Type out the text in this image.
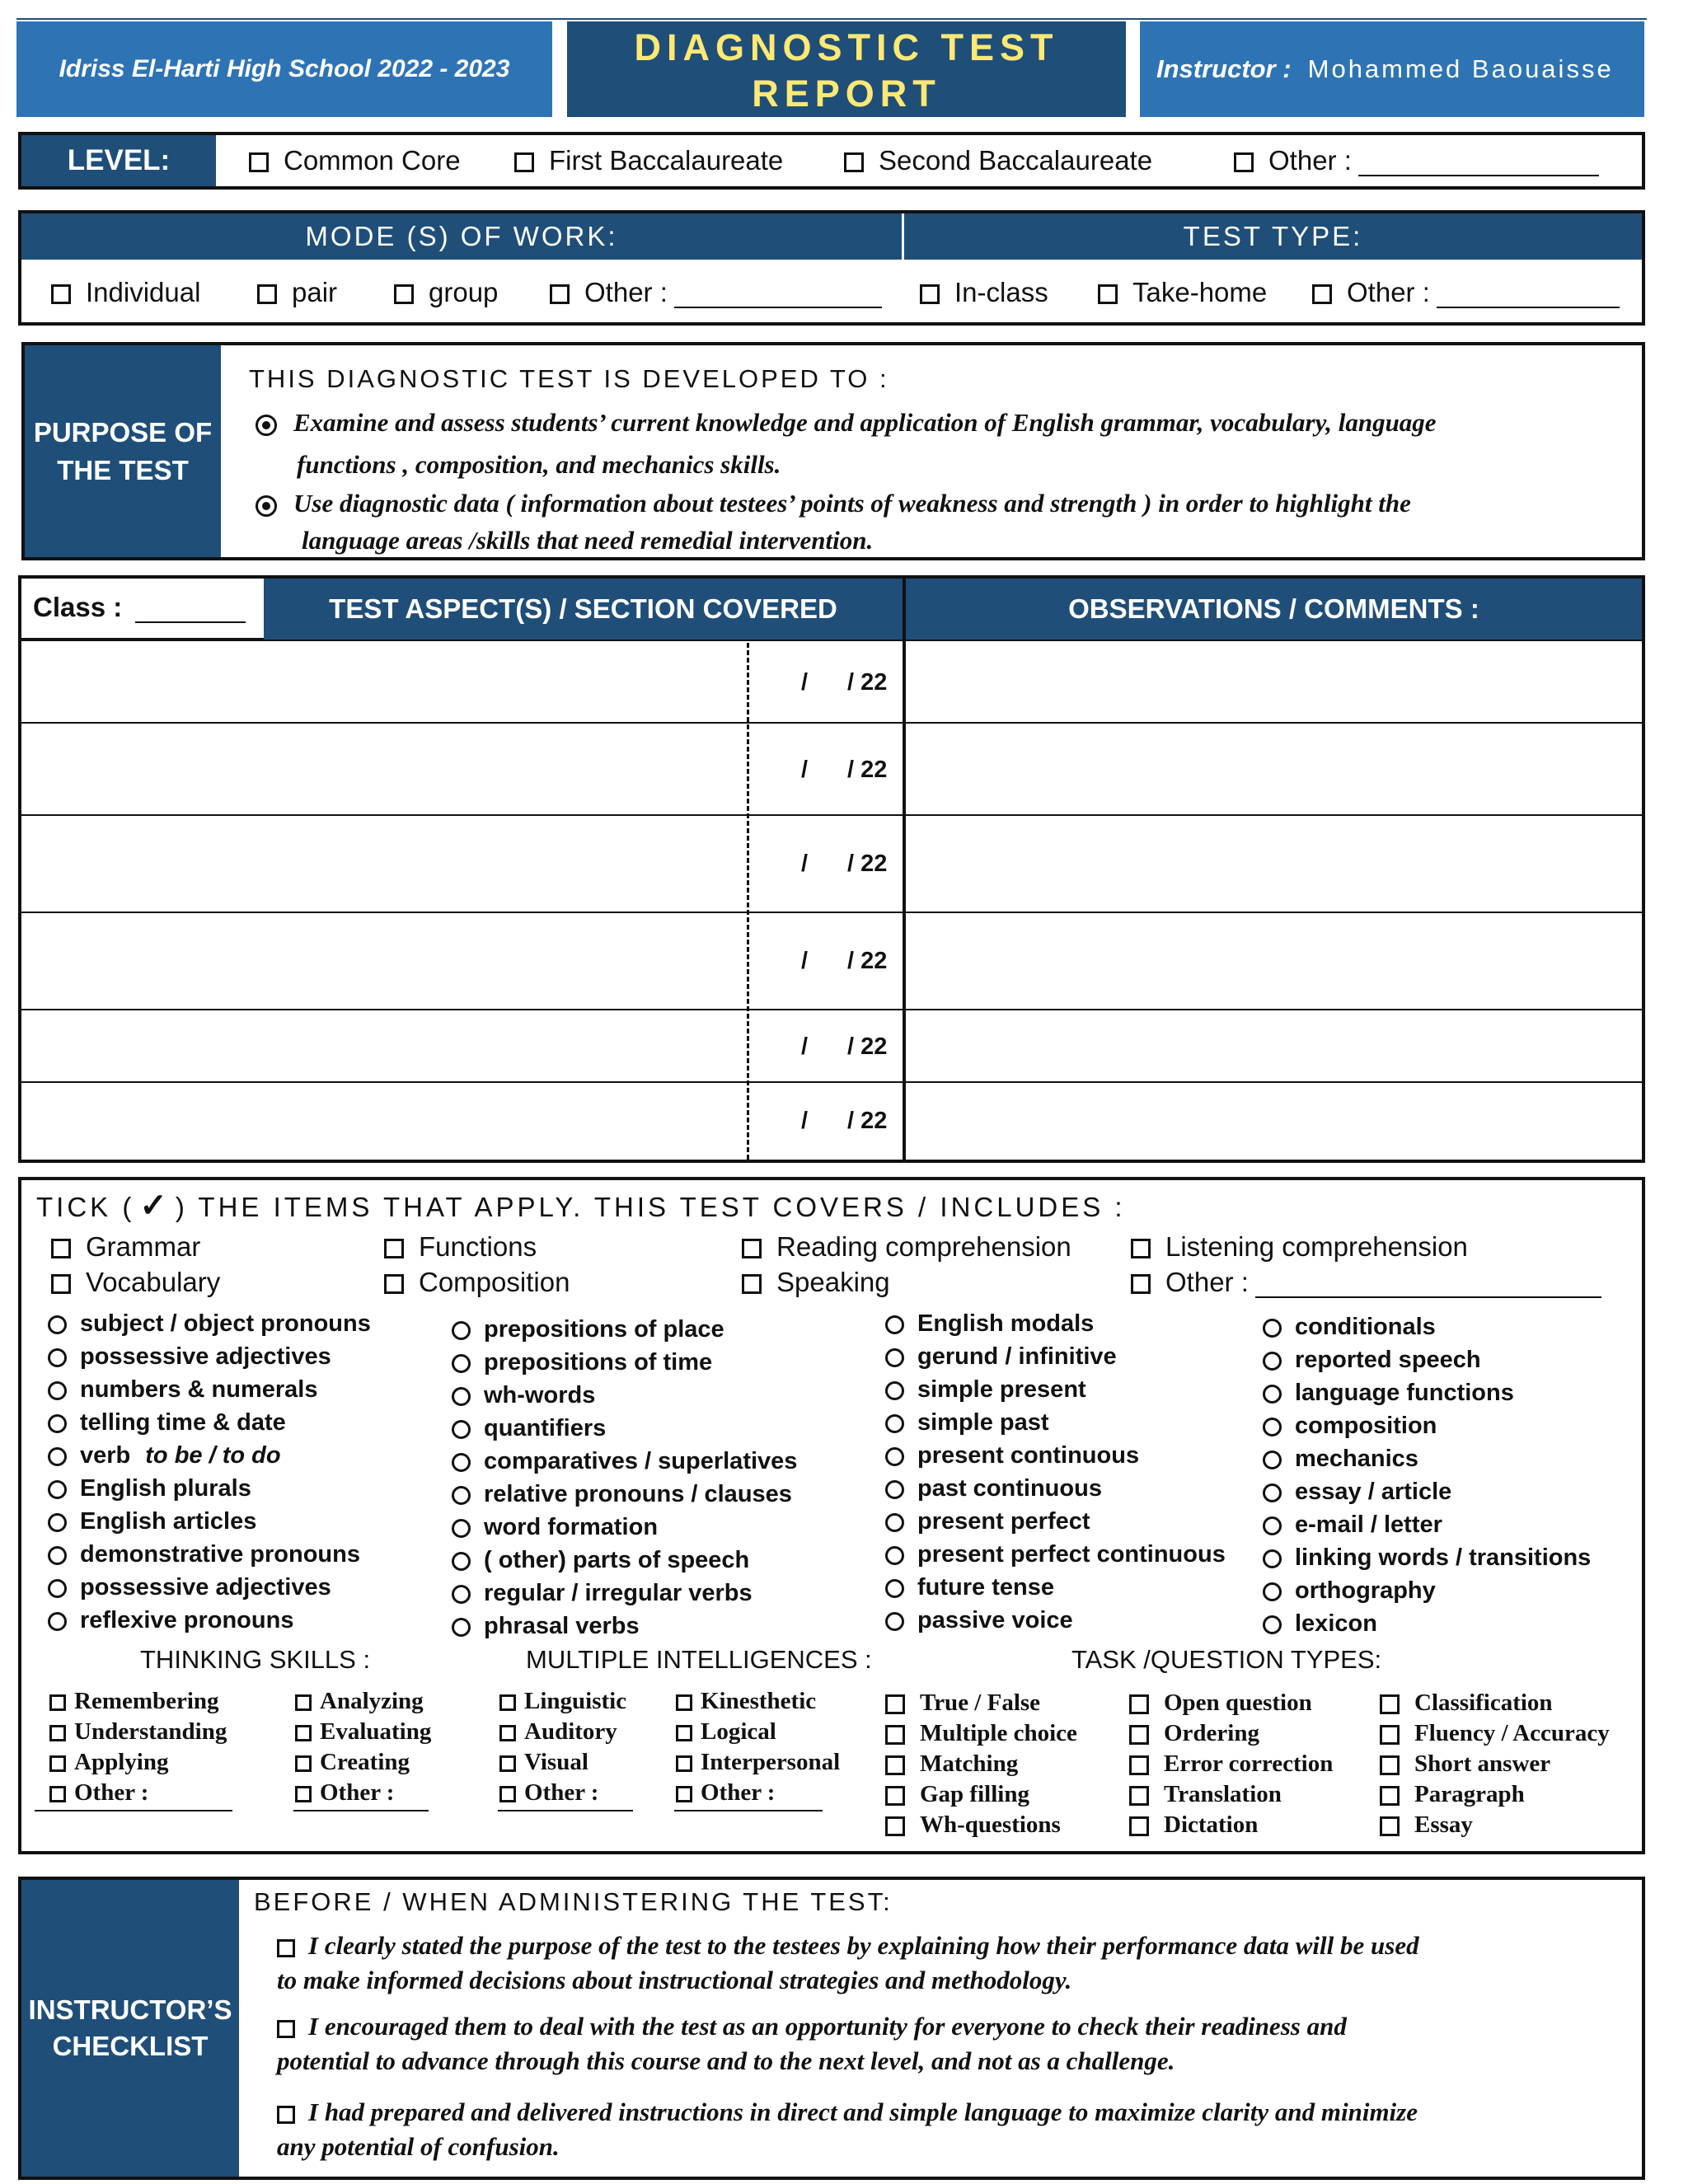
Idriss El-Harti High School 2022 - 2023
DIAGNOSTIC TEST
REPORT
Instructor : Mohammed Baouaisse
LEVEL:	Common Core	First Baccalaureate	Second Baccalaureate	Other :
MODE (S) OF WORK:	TEST TYPE:
Individual	pair	group	Other :	In-class	Take-home	Other :
PURPOSE OF
THE TEST
THIS DIAGNOSTIC TEST IS DEVELOPED TO :
Examine and assess students’ current knowledge and application of English grammar, vocabulary, language
functions , composition, and mechanics skills.
Use diagnostic data ( information about testees’ points of weakness and strength ) in order to highlight the
language areas /skills that need remedial intervention.
Class :	TEST ASPECT(S) / SECTION COVERED	OBSERVATIONS / COMMENTS :
/ / 22
/ / 22
/ / 22
/ / 22
/ / 22
/ / 22
TICK ( ✓ ) THE ITEMS THAT APPLY. THIS TEST COVERS / INCLUDES :
Grammar	Functions	Reading comprehension	Listening comprehension
Vocabulary	Composition	Speaking	Other :
subject / object pronouns
possessive adjectives
numbers & numerals
telling time & date
verb to be / to do
English plurals
English articles
demonstrative pronouns
possessive adjectives
reflexive pronouns
prepositions of place
prepositions of time
wh-words
quantifiers
comparatives / superlatives
relative pronouns / clauses
word formation
( other) parts of speech
regular / irregular verbs
phrasal verbs
English modals
gerund / infinitive
simple present
simple past
present continuous
past continuous
present perfect
present perfect continuous
future tense
passive voice
conditionals
reported speech
language functions
composition
mechanics
essay / article
e-mail / letter
linking words / transitions
orthography
lexicon
THINKING SKILLS :	MULTIPLE INTELLIGENCES :	TASK /QUESTION TYPES:
Remembering
Understanding
Applying
Other :
Analyzing
Evaluating
Creating
Other :
Linguistic
Auditory
Visual
Other :
Kinesthetic
Logical
Interpersonal
Other :
True / False
Multiple choice
Matching
Gap filling
Wh-questions
Open question
Ordering
Error correction
Translation
Dictation
Classification
Fluency / Accuracy
Short answer
Paragraph
Essay
INSTRUCTOR’S
CHECKLIST
BEFORE / WHEN ADMINISTERING THE TEST:
I clearly stated the purpose of the test to the testees by explaining how their performance data will be used
to make informed decisions about instructional strategies and methodology.
I encouraged them to deal with the test as an opportunity for everyone to check their readiness and
potential to advance through this course and to the next level, and not as a challenge.
I had prepared and delivered instructions in direct and simple language to maximize clarity and minimize
any potential of confusion.
